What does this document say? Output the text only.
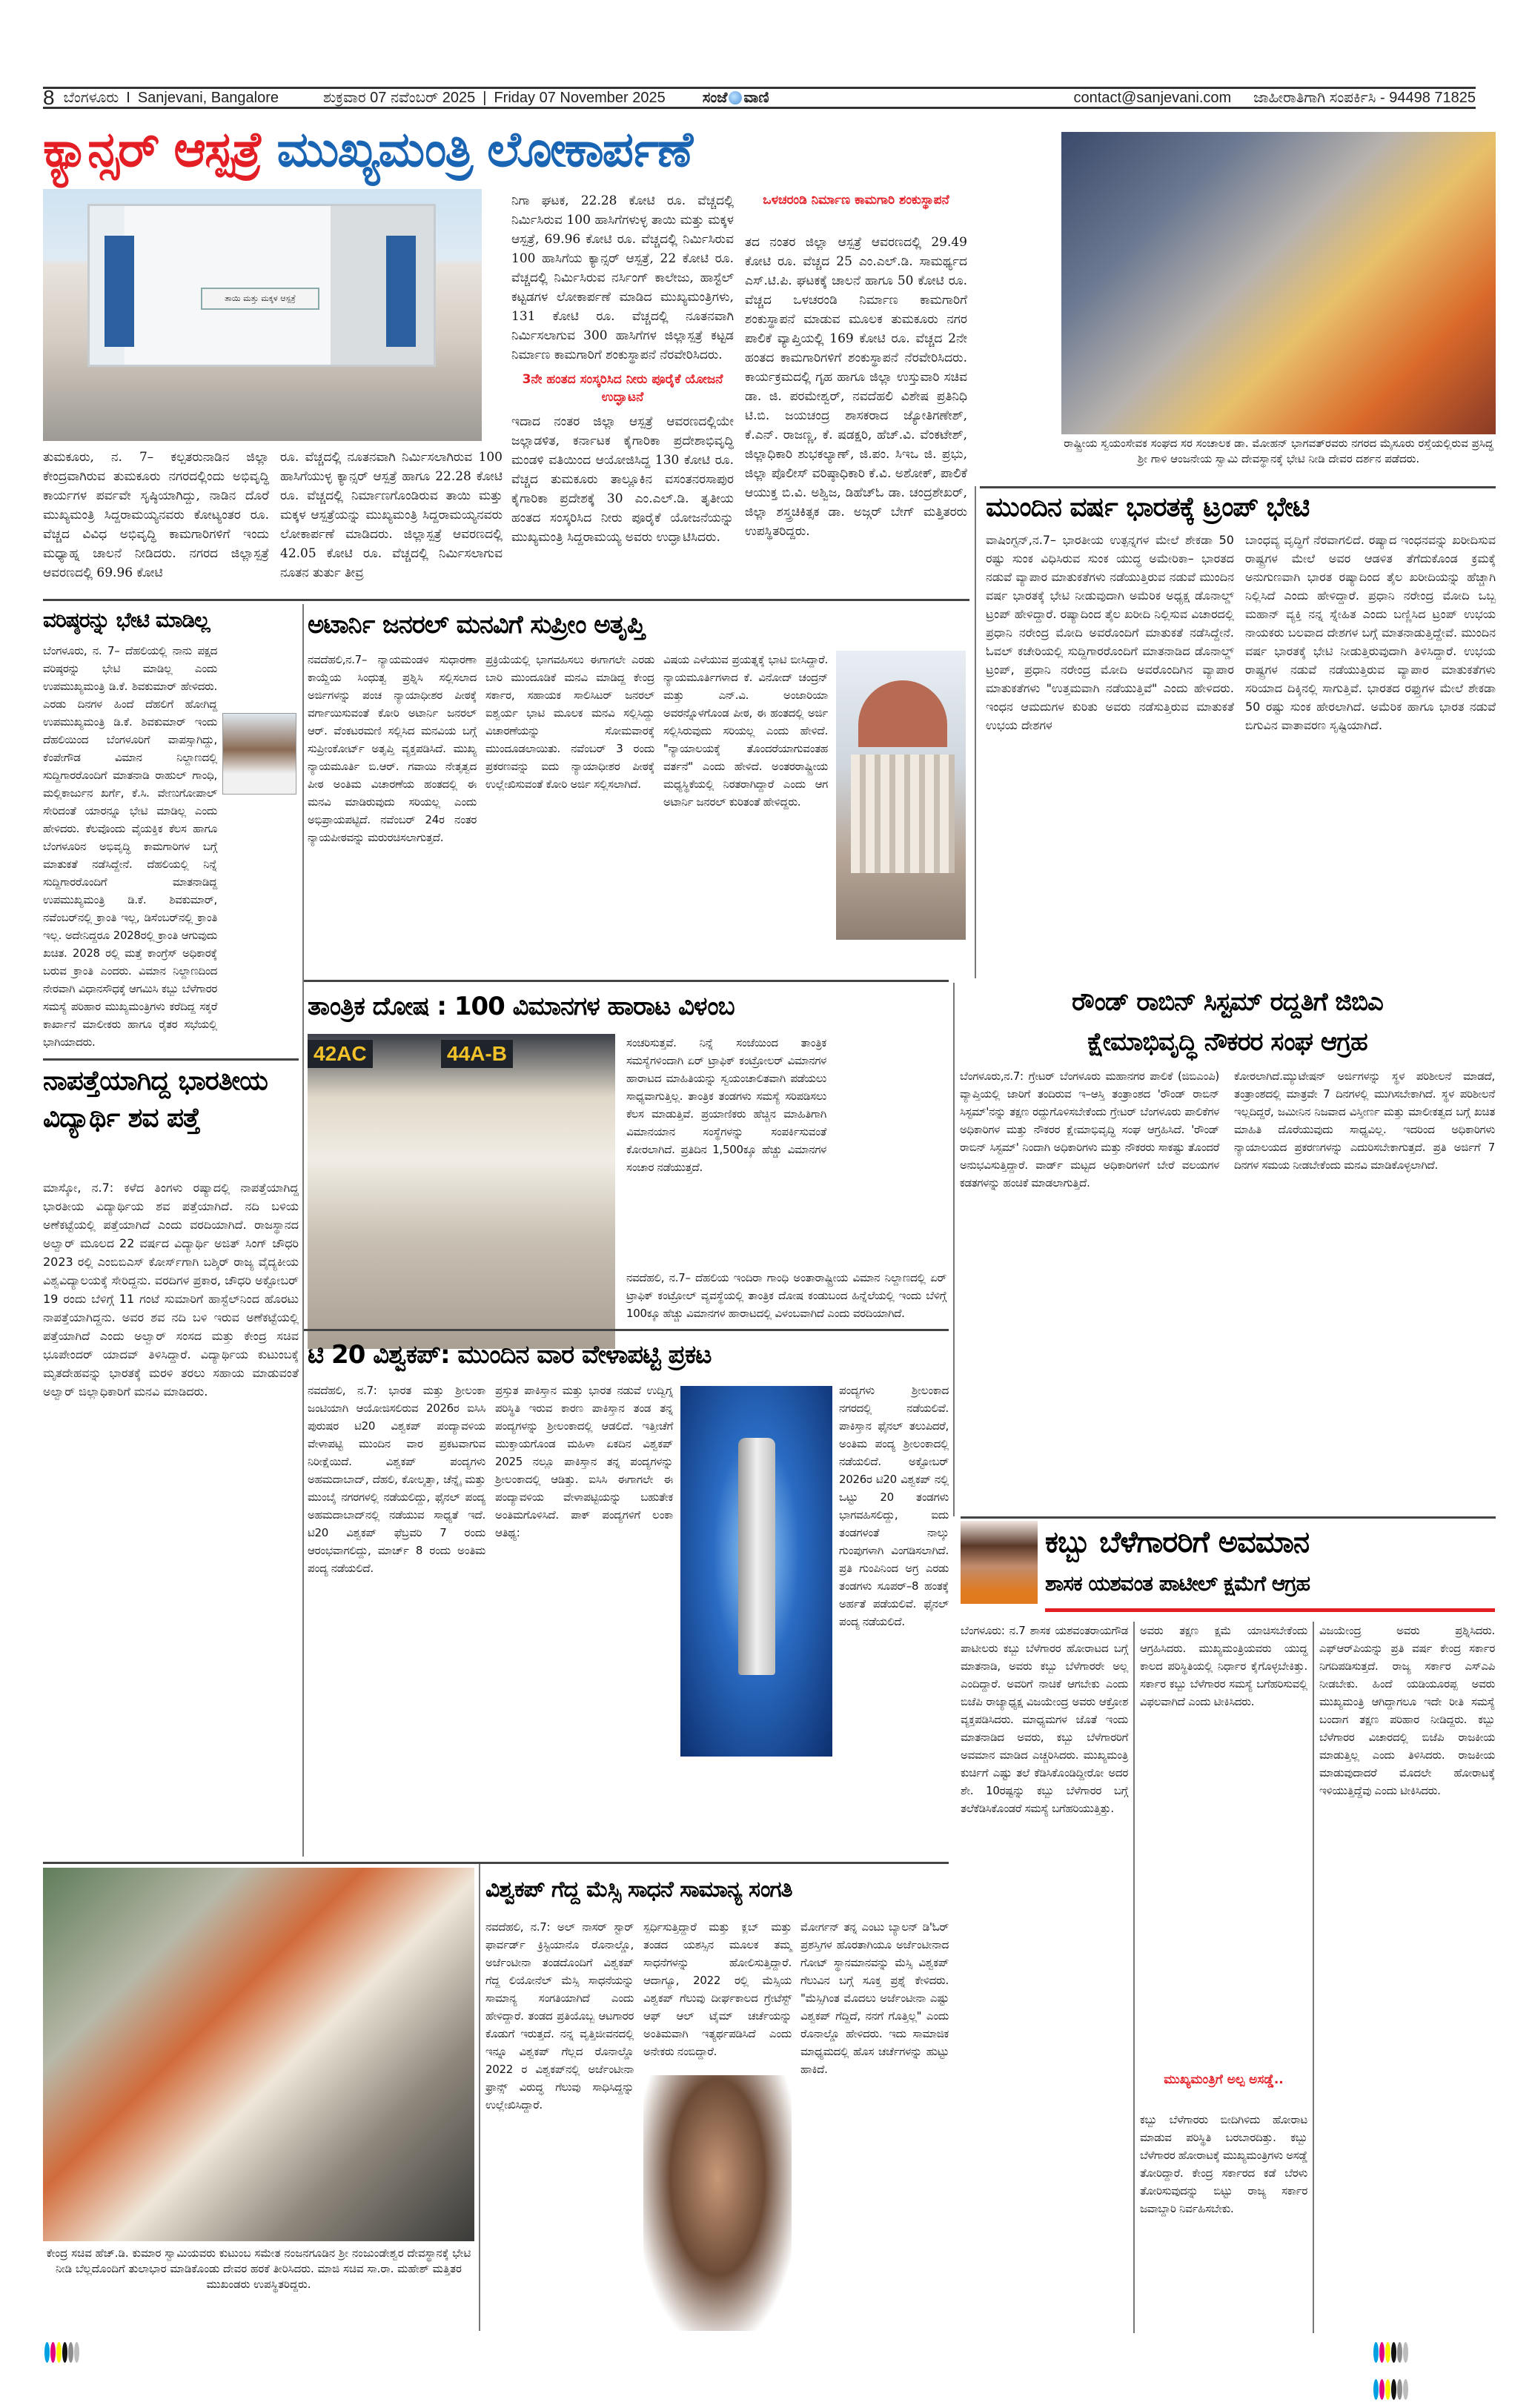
8 ಬೆಂಗಳೂರು I Sanjevani, Bangalore	ಶುಕ್ರವಾರ 07 ನವೆಂಬರ್ 2025 | Friday 07 November 2025	ಸಂಜೆ ವಾಣಿ	contact@sanjevani.com ಜಾಹೀರಾತಿಗಾಗಿ ಸಂಪರ್ಕಿಸಿ - 94498 71825
ಕ್ಯಾನ್ಸರ್ ಆಸ್ಪತ್ರೆ ಮುಖ್ಯಮಂತ್ರಿ ಲೋಕಾರ್ಪಣೆ
ತಾಯಿ ಮತ್ತು ಮಕ್ಕಳ ಆಸ್ಪತ್ರೆ
ತುಮಕೂರು, ನ. 7– ಕಲ್ಪತರುನಾಡಿನ ಜಿಲ್ಲಾ ಕೇಂದ್ರವಾಗಿರುವ ತುಮಕೂರು ನಗರದಲ್ಲಿಂದು ಅಭಿವೃದ್ಧಿ ಕಾರ್ಯಗಳ ಪರ್ವವೇ ಸೃಷ್ಠಿಯಾಗಿದ್ದು, ನಾಡಿನ ದೊರೆ ಮುಖ್ಯಮಂತ್ರಿ ಸಿದ್ದರಾಮಯ್ಯನವರು ಕೋಟ್ಯಂತರ ರೂ. ವೆಚ್ಚದ ವಿವಿಧ ಅಭಿವೃದ್ಧಿ ಕಾಮಗಾರಿಗಳಿಗೆ ಇಂದು ಮಧ್ಯಾಹ್ನ ಚಾಲನೆ ನೀಡಿದರು. ನಗರದ ಜಿಲ್ಲಾಸ್ಪತ್ರೆ ಆವರಣದಲ್ಲಿ 69.96 ಕೋಟಿ
ರೂ. ವೆಚ್ಚದಲ್ಲಿ ನೂತನವಾಗಿ ನಿರ್ಮಿಸಲಾಗಿರುವ 100 ಹಾಸಿಗೆಯುಳ್ಳ ಕ್ಯಾನ್ಸರ್ ಆಸ್ಪತ್ರೆ ಹಾಗೂ 22.28 ಕೋಟಿ ರೂ. ವೆಚ್ಚದಲ್ಲಿ ನಿರ್ಮಾಣಗೊಂಡಿರುವ ತಾಯಿ ಮತ್ತು ಮಕ್ಕಳ ಆಸ್ಪತ್ರೆಯನ್ನು ಮುಖ್ಯಮಂತ್ರಿ ಸಿದ್ದರಾಮಯ್ಯನವರು ಲೋಕಾರ್ಪಣೆ ಮಾಡಿದರು. ಜಿಲ್ಲಾಸ್ಪತ್ರೆ ಆವರಣದಲ್ಲಿ 42.05 ಕೋಟಿ ರೂ. ವೆಚ್ಚದಲ್ಲಿ ನಿರ್ಮಿಸಲಾಗುವ ನೂತನ ತುರ್ತು ತೀವ್ರ
ನಿಗಾ ಘಟಕ, 22.28 ಕೋಟಿ ರೂ. ವೆಚ್ಚದಲ್ಲಿ ನಿರ್ಮಿಸಿರುವ 100 ಹಾಸಿಗೆಗಳುಳ್ಳ ತಾಯಿ ಮತ್ತು ಮಕ್ಕಳ ಆಸ್ಪತ್ರೆ, 69.96 ಕೋಟಿ ರೂ. ವೆಚ್ಚದಲ್ಲಿ ನಿರ್ಮಿಸಿರುವ 100 ಹಾಸಿಗೆಯ ಕ್ಯಾನ್ಸರ್ ಆಸ್ಪತ್ರೆ, 22 ಕೋಟಿ ರೂ. ವೆಚ್ಚದಲ್ಲಿ ನಿರ್ಮಿಸಿರುವ ನರ್ಸಿಂಗ್ ಕಾಲೇಜು, ಹಾಸ್ಟೆಲ್ ಕಟ್ಟಡಗಳ ಲೋಕಾರ್ಪಣೆ ಮಾಡಿದ ಮುಖ್ಯಮಂತ್ರಿಗಳು, 131 ಕೋಟಿ ರೂ. ವೆಚ್ಚದಲ್ಲಿ ನೂತನವಾಗಿ ನಿರ್ಮಿಸಲಾಗುವ 300 ಹಾಸಿಗೆಗಳ ಜಿಲ್ಲಾಸ್ಪತ್ರೆ ಕಟ್ಟಡ ನಿರ್ಮಾಣ ಕಾಮಗಾರಿಗೆ ಶಂಕುಸ್ಥಾಪನೆ ನೆರವೇರಿಸಿದರು.
3ನೇ ಹಂತದ ಸಂಸ್ಕರಿಸಿದ ನೀರು ಪೂರೈಕೆ ಯೋಜನೆ ಉದ್ಘಾಟನೆ
ಇದಾದ ನಂತರ ಜಿಲ್ಲಾ ಆಸ್ಪತ್ರೆ ಆವರಣದಲ್ಲಿಯೇ ಜಲ್ಲಾಡಳಿತ, ಕರ್ನಾಟಕ ಕೈಗಾರಿಕಾ ಪ್ರದೇಶಾಭಿವೃದ್ಧಿ ಮಂಡಳಿ ವತಿಯಿಂದ ಆಯೋಜಿಸಿದ್ದ 130 ಕೋಟಿ ರೂ. ವೆಚ್ಚದ ತುಮಕೂರು ತಾಲ್ಲೂಕಿನ ವಸಂತನರಸಾಪುರ ಕೈಗಾರಿಕಾ ಪ್ರದೇಶಕ್ಕೆ 30 ಎಂ.ಎಲ್.ಡಿ. ತೃತೀಯ ಹಂತದ ಸಂಸ್ಕರಿಸಿದ ನೀರು ಪೂರೈಕೆ ಯೋಜನೆಯನ್ನು ಮುಖ್ಯಮಂತ್ರಿ ಸಿದ್ದರಾಮಯ್ಯ ಅವರು ಉದ್ಘಾಟಿಸಿದರು.
ಒಳಚರಂಡಿ ನಿರ್ಮಾಣ ಕಾಮಗಾರಿ ಶಂಕುಸ್ಥಾಪನೆ
ತದ ನಂತರ ಜಿಲ್ಲಾ ಆಸ್ಪತ್ರೆ ಆವರಣದಲ್ಲಿ 29.49 ಕೋಟಿ ರೂ. ವೆಚ್ಚದ 25 ಎಂ.ಎಲ್.ಡಿ. ಸಾಮರ್ಥ್ಯದ ಎಸ್.ಟಿ.ಪಿ. ಘಟಕಕ್ಕೆ ಚಾಲನೆ ಹಾಗೂ 50 ಕೋಟಿ ರೂ. ವೆಚ್ಚದ ಒಳಚರಂಡಿ ನಿರ್ಮಾಣ ಕಾಮಗಾರಿಗೆ ಶಂಕುಸ್ಥಾಪನೆ ಮಾಡುವ ಮೂಲಕ ತುಮಕೂರು ನಗರ ಪಾಲಿಕೆ ವ್ಯಾಪ್ತಿಯಲ್ಲಿ 169 ಕೋಟಿ ರೂ. ವೆಚ್ಚದ 2ನೇ ಹಂತದ ಕಾಮಗಾರಿಗಳಿಗೆ ಶಂಕುಸ್ಥಾಪನೆ ನೆರವೇರಿಸಿದರು. ಕಾರ್ಯಕ್ರಮದಲ್ಲಿ ಗೃಹ ಹಾಗೂ ಜಿಲ್ಲಾ ಉಸ್ತುವಾರಿ ಸಚಿವ ಡಾ. ಜಿ. ಪರಮೇಶ್ವರ್, ನವದೆಹಲಿ ವಿಶೇಷ ಪ್ರತಿನಿಧಿ ಟಿ.ಬಿ. ಜಯಚಂದ್ರ ಶಾಸಕರಾದ ಜ್ಯೋತಿಗಣೇಶ್, ಕೆ.ಎನ್. ರಾಜಣ್ಣ, ಕೆ. ಷಡಕ್ಷರಿ, ಹೆಚ್.ವಿ. ವೆಂಕಟೇಶ್, ಜಿಲ್ಲಾಧಿಕಾರಿ ಶುಭಕಲ್ಯಾಣ್, ಜಿ.ಪಂ. ಸಿಇಒ ಜಿ. ಪ್ರಭು, ಜಿಲ್ಲಾ ಪೊಲೀಸ್ ವರಿಷ್ಠಾಧಿಕಾರಿ ಕೆ.ವಿ. ಅಶೋಕ್, ಪಾಲಿಕೆ ಆಯುಕ್ತ ಬಿ.ವಿ. ಅಶ್ವಿಜ, ಡಿಹೆಚ್‌ಓ ಡಾ. ಚಂದ್ರಶೇಖರ್, ಜಿಲ್ಲಾ ಶಸ್ತ್ರಚಿಕಿತ್ಸಕ ಡಾ. ಅಜ್ಗರ್ ಬೇಗ್ ಮತ್ತಿತರರು ಉಪಸ್ಥಿತರಿದ್ದರು.
ರಾಷ್ಟ್ರೀಯ ಸ್ವಯಂಸೇವಕ ಸಂಘದ ಸರ ಸಂಚಾಲಕ ಡಾ. ಮೋಹನ್ ಭಾಗವತ್‌ರವರು ನಗರದ ಮೈಸೂರು ರಸ್ತೆಯಲ್ಲಿರುವ ಪ್ರಸಿದ್ಧ ಶ್ರೀ ಗಾಳಿ ಆಂಜನೇಯ ಸ್ವಾಮಿ ದೇವಸ್ಥಾನಕ್ಕೆ ಭೇಟಿ ನೀಡಿ ದೇವರ ದರ್ಶನ ಪಡೆದರು.
ಮುಂದಿನ ವರ್ಷ ಭಾರತಕ್ಕೆ ಟ್ರಂಪ್ ಭೇಟಿ
ವಾಷಿಂಗ್ಟನ್,ನ.7– ಭಾರತೀಯ ಉತ್ಪನ್ನಗಳ ಮೇಲೆ ಶೇಕಡಾ 50 ರಷ್ಟು ಸುಂಕ ವಿಧಿಸಿರುವ ಸುಂಕ ಯುದ್ಧ ಅಮೇರಿಕಾ– ಭಾರತದ ನಡುವೆ ವ್ಯಾಪಾರ ಮಾತುಕತೆಗಳು ನಡೆಯುತ್ತಿರುವ ನಡುವೆ ಮುಂದಿನ ವರ್ಷ ಭಾರತಕ್ಕೆ ಭೇಟಿ ನೀಡುವುದಾಗಿ ಅಮೆರಿಕ ಅಧ್ಯಕ್ಷ ಡೊನಾಲ್ಡ್ ಟ್ರಂಪ್ ಹೇಳಿದ್ದಾರೆ. ರಷ್ಯಾದಿಂದ ತೈಲ ಖರೀದಿ ನಿಲ್ಲಿಸುವ ವಿಚಾರದಲ್ಲಿ ಪ್ರಧಾನಿ ನರೇಂದ್ರ ಮೋದಿ ಅವರೊಂದಿಗೆ ಮಾತುಕತೆ ನಡೆಸಿದ್ದೇನೆ. ಓವಲ್ ಕಚೇರಿಯಲ್ಲಿ ಸುದ್ದಿಗಾರರೊಂದಿಗೆ ಮಾತನಾಡಿದ ಡೊನಾಲ್ಡ್ ಟ್ರಂಪ್, ಪ್ರಧಾನಿ ನರೇಂದ್ರ ಮೋದಿ ಅವರೊಂದಿಗಿನ ವ್ಯಾಪಾರ ಮಾತುಕತೆಗಳು "ಉತ್ತಮವಾಗಿ ನಡೆಯುತ್ತಿವೆ" ಎಂದು ಹೇಳಿದರು. ಇಂಧನ ಆಮದುಗಳ ಕುರಿತು ಅವರು ನಡೆಸುತ್ತಿರುವ ಮಾತುಕತೆ ಉಭಯ ದೇಶಗಳ
ಬಾಂಧವ್ಯ ವೃದ್ಧಿಗೆ ನೆರವಾಗಲಿದೆ. ರಷ್ಯಾದ ಇಂಧನವನ್ನು ಖರೀದಿಸುವ ರಾಷ್ಟ್ರಗಳ ಮೇಲೆ ಅವರ ಆಡಳಿತ ತೆಗೆದುಕೊಂಡ ಕ್ರಮಕ್ಕೆ ಅನುಗುಣವಾಗಿ ಭಾರತ ರಷ್ಯಾದಿಂದ ತೈಲ ಖರೀದಿಯನ್ನು ಹೆಚ್ಚಾಗಿ ನಿಲ್ಲಿಸಿದೆ ಎಂದು ಹೇಳಿದ್ದಾರೆ. ಪ್ರಧಾನಿ ನರೇಂದ್ರ ಮೋದಿ ಒಬ್ಬ ಮಹಾನ್ ವ್ಯಕ್ತಿ ನನ್ನ ಸ್ನೇಹಿತ ಎಂದು ಬಣ್ಣಿಸಿದ ಟ್ರಂಪ್ ಉಭಯ ನಾಯಕರು ಬಲವಾದ ದೇಶಗಳ ಬಗ್ಗೆ ಮಾತನಾಡುತ್ತಿದ್ದೇವೆ. ಮುಂದಿನ ವರ್ಷ ಭಾರತಕ್ಕೆ ಭೇಟಿ ನೀಡುತ್ತಿರುವುದಾಗಿ ತಿಳಿಸಿದ್ದಾರೆ. ಉಭಯ ರಾಷ್ಟ್ರಗಳ ನಡುವೆ ನಡೆಯುತ್ತಿರುವ ವ್ಯಾಪಾರ ಮಾತುಕತೆಗಳು ಸರಿಯಾದ ದಿಕ್ಕಿನಲ್ಲಿ ಸಾಗುತ್ತಿವೆ. ಭಾರತದ ರಫ್ತುಗಳ ಮೇಲೆ ಶೇಕಡಾ 50 ರಷ್ಟು ಸುಂಕ ಹೇರಲಾಗಿದೆ. ಅಮೆರಿಕ ಹಾಗೂ ಭಾರತ ನಡುವೆ ಬಿಗುವಿನ ವಾತಾವರಣ ಸೃಷ್ಟಿಯಾಗಿದೆ.
ವರಿಷ್ಠರನ್ನು ಭೇಟಿ ಮಾಡಿಲ್ಲ
ಬೆಂಗಳೂರು, ನ. 7– ದೆಹಲಿಯಲ್ಲಿ ನಾನು ಪಕ್ಷದ ವರಿಷ್ಠರನ್ನು ಭೇಟಿ ಮಾಡಿಲ್ಲ ಎಂದು ಉಪಮುಖ್ಯಮಂತ್ರಿ ಡಿ.ಕೆ. ಶಿವಕುಮಾರ್ ಹೇಳಿದರು. ಎರಡು ದಿನಗಳ ಹಿಂದೆ ದೆಹಲಿಗೆ ಹೋಗಿದ್ದ ಉಪಮುಖ್ಯಮಂತ್ರಿ ಡಿ.ಕೆ. ಶಿವಕುಮಾರ್ ಇಂದು ದೆಹಲಿಯಿಂದ ಬೆಂಗಳೂರಿಗೆ ವಾಪಸ್ಸಾಗಿದ್ದು, ಕೆಂಪೇಗೌಡ ವಿಮಾನ ನಿಲ್ದಾಣದಲ್ಲಿ ಸುದ್ದಿಗಾರರೊಂದಿಗೆ ಮಾತನಾಡಿ ರಾಹುಲ್ ಗಾಂಧಿ, ಮಲ್ಲಿಕಾರ್ಜುನ ಖರ್ಗೆ, ಕೆ.ಸಿ. ವೇಣುಗೋಪಾಲ್ ಸೇರಿದಂತೆ ಯಾರನ್ನೂ ಭೇಟಿ ಮಾಡಿಲ್ಲ ಎಂದು ಹೇಳಿದರು. ಕೆಲವೊಂದು ವೈಯಕ್ತಿಕ ಕೆಲಸ ಹಾಗೂ ಬೆಂಗಳೂರಿನ ಅಭಿವೃದ್ಧಿ ಕಾಮಗಾರಿಗಳ ಬಗ್ಗೆ ಮಾತುಕತೆ ನಡೆಸಿದ್ದೇನೆ. ದೆಹಲಿಯಲ್ಲಿ ನಿನ್ನೆ ಸುದ್ದಿಗಾರರೊಂದಿಗೆ ಮಾತನಾಡಿದ್ದ ಉಪಮುಖ್ಯಮಂತ್ರಿ ಡಿ.ಕೆ. ಶಿವಕುಮಾರ್, ನವೆಂಬರ್‌ನಲ್ಲಿ ಕ್ರಾಂತಿ ಇಲ್ಲ, ಡಿಸೆಂಬರ್‌ನಲ್ಲಿ ಕ್ರಾಂತಿ ಇಲ್ಲ. ಅದೇನಿದ್ದರೂ 2028ರಲ್ಲಿ ಕ್ರಾಂತಿ ಆಗುವುದು ಖಚಿತ. 2028 ರಲ್ಲಿ ಮತ್ತೆ ಕಾಂಗ್ರೆಸ್ ಅಧಿಕಾರಕ್ಕೆ ಬರುವ ಕ್ರಾಂತಿ ಎಂದರು. ವಿಮಾನ ನಿಲ್ದಾಣದಿಂದ ನೇರವಾಗಿ ವಿಧಾನಸೌಧಕ್ಕೆ ಆಗಮಿಸಿ ಕಬ್ಬು ಬೆಳೆಗಾರರ ಸಮಸ್ಯೆ ಪರಿಹಾರ ಮುಖ್ಯಮಂತ್ರಿಗಳು ಕರೆದಿದ್ದ ಸಕ್ಕರೆ ಕಾರ್ಖಾನೆ ಮಾಲೀಕರು ಹಾಗೂ ರೈತರ ಸಭೆಯಲ್ಲಿ ಭಾಗಿಯಾದರು.
ನಾಪತ್ತೆಯಾಗಿದ್ದ ಭಾರತೀಯ ವಿದ್ಯಾರ್ಥಿ ಶವ ಪತ್ತೆ
ಮಾಸ್ಕೋ, ನ.7: ಕಳೆದ ತಿಂಗಳು ರಷ್ಯಾದಲ್ಲಿ ನಾಪತ್ತೆಯಾಗಿದ್ದ ಭಾರತೀಯ ವಿದ್ಯಾರ್ಥಿಯ ಶವ ಪತ್ತೆಯಾಗಿದೆ. ನದಿ ಬಳಿಯ ಅಣೆಕಟ್ಟೆಯಲ್ಲಿ ಪತ್ತೆಯಾಗಿದೆ ಎಂದು ವರದಿಯಾಗಿದೆ. ರಾಜಸ್ಥಾನದ ಅಲ್ವಾರ್ ಮೂಲದ 22 ವರ್ಷದ ವಿದ್ಯಾರ್ಥಿ ಅಜಿತ್ ಸಿಂಗ್ ಚೌಧರಿ 2023 ರಲ್ಲಿ ಎಂಬಿಬಿಎಸ್ ಕೋರ್ಸ್‌ಗಾಗಿ ಬಶ್ಕಿರ್ ರಾಜ್ಯ ವೈದ್ಯಕೀಯ ವಿಶ್ವವಿದ್ಯಾಲಯಕ್ಕೆ ಸೇರಿದ್ದನು. ವರದಿಗಳ ಪ್ರಕಾರ, ಚೌಧರಿ ಅಕ್ಟೋಬರ್ 19 ರಂದು ಬೆಳಿಗ್ಗೆ 11 ಗಂಟೆ ಸುಮಾರಿಗೆ ಹಾಸ್ಟೆಲ್‌ನಿಂದ ಹೊರಟು ನಾಪತ್ತೆಯಾಗಿದ್ದನು. ಅವರ ಶವ ನದಿ ಬಳಿ ಇರುವ ಅಣೆಕಟ್ಟೆಯಲ್ಲಿ ಪತ್ತೆಯಾಗಿದೆ ಎಂದು ಅಲ್ವಾರ್ ಸಂಸದ ಮತ್ತು ಕೇಂದ್ರ ಸಚಿವ ಭೂಪೇಂದರ್ ಯಾದವ್ ತಿಳಿಸಿದ್ದಾರೆ. ವಿದ್ಯಾರ್ಥಿಯ ಕುಟುಂಬಕ್ಕೆ ಮೃತದೇಹವನ್ನು ಭಾರತಕ್ಕೆ ಮರಳಿ ತರಲು ಸಹಾಯ ಮಾಡುವಂತೆ ಅಲ್ವಾರ್ ಜಿಲ್ಲಾಧಿಕಾರಿಗೆ ಮನವಿ ಮಾಡಿದರು.
ಅಟಾರ್ನಿ ಜನರಲ್ ಮನವಿಗೆ ಸುಪ್ರೀಂ ಅತೃಪ್ತಿ
ನವದೆಹಲಿ,ನ.7– ನ್ಯಾಯಮಂಡಳಿ ಸುಧಾರಣಾ ಕಾಯ್ದೆಯ ಸಿಂಧುತ್ವ ಪ್ರಶ್ನಿಸಿ ಸಲ್ಲಿಸಲಾದ ಅರ್ಜಿಗಳನ್ನು ಪಂಚ ನ್ಯಾಯಾಧೀಶರ ಪೀಠಕ್ಕೆ ವರ್ಗಾಯಿಸುವಂತೆ ಕೋರಿ ಅಟಾರ್ನಿ ಜನರಲ್ ಆರ್. ವೆಂಕಟರಮಣಿ ಸಲ್ಲಿಸಿದ ಮನವಿಯ ಬಗ್ಗೆ ಸುಪ್ರೀಂಕೋರ್ಟ್ ಅತೃಪ್ತಿ ವ್ಯಕ್ತಪಡಿಸಿದೆ. ಮುಖ್ಯ ನ್ಯಾಯಮೂರ್ತಿ ಬಿ.ಆರ್. ಗವಾಯಿ ನೇತೃತ್ವದ ಪೀಠ ಅಂತಿಮ ವಿಚಾರಣೆಯ ಹಂತದಲ್ಲಿ ಈ ಮನವಿ ಮಾಡಿರುವುದು ಸರಿಯಲ್ಲ ಎಂದು ಅಭಿಪ್ರಾಯಪಟ್ಟಿದೆ. ನವೆಂಬರ್ 24ರ ನಂತರ ನ್ಯಾಯಪೀಠವನ್ನು ಮರುರಚಿಸಲಾಗುತ್ತದೆ.
ಪ್ರಕ್ರಿಯೆಯಲ್ಲಿ ಭಾಗವಹಿಸಲು ಈಗಾಗಲೇ ಎರಡು ಬಾರಿ ಮುಂದೂಡಿಕೆ ಮನವಿ ಮಾಡಿದ್ದ ಕೇಂದ್ರ ಸರ್ಕಾರ, ಸಹಾಯಕ ಸಾಲಿಸಿಟರ್ ಜನರಲ್ ಐಶ್ವರ್ಯ ಭಾಟಿ ಮೂಲಕ ಮನವಿ ಸಲ್ಲಿಸಿದ್ದು ವಿಚಾರಣೆಯನ್ನು ಸೋಮವಾರಕ್ಕೆ ಮುಂದೂಡಲಾಯಿತು. ನವೆಂಬರ್ 3 ರಂದು ಪ್ರಕರಣವನ್ನು ಐದು ನ್ಯಾಯಾಧೀಶರ ಪೀಠಕ್ಕೆ ಉಲ್ಲೇಖಿಸುವಂತೆ ಕೋರಿ ಅರ್ಜಿ ಸಲ್ಲಿಸಲಾಗಿದೆ.
ವಿಷಯ ಎಳೆಯುವ ಪ್ರಯತ್ನಕ್ಕೆ ಭಾಟಿ ಬೀಸಿದ್ದಾರೆ. ನ್ಯಾಯಮೂರ್ತಿಗಳಾದ ಕೆ. ವಿನೋದ್ ಚಂದ್ರನ್ ಮತ್ತು ಎನ್.ವಿ. ಅಂಜಾರಿಯಾ ಅವರನ್ನೊಳಗೊಂಡ ಪೀಠ, ಈ ಹಂತದಲ್ಲಿ ಅರ್ಜಿ ಸಲ್ಲಿಸಿರುವುದು ಸರಿಯಲ್ಲ ಎಂದು ಹೇಳಿದೆ. "ನ್ಯಾಯಾಲಯಕ್ಕೆ ತೊಂದರೆಯಾಗುವಂತಹ ವರ್ತನೆ" ಎಂದು ಹೇಳಿದೆ. ಅಂತರರಾಷ್ಟ್ರೀಯ ಮಧ್ಯಸ್ಥಿಕೆಯಲ್ಲಿ ನಿರತರಾಗಿದ್ದಾರೆ ಎಂದು ಆಗ ಅಟಾರ್ನಿ ಜನರಲ್ ಕುರಿತಂತೆ ಹೇಳಿದ್ದರು.
ತಾಂತ್ರಿಕ ದೋಷ : 100 ವಿಮಾನಗಳ ಹಾರಾಟ ವಿಳಂಬ
42AC	44A-B	ಸಂಚರಿಸುತ್ತವೆ. ನಿನ್ನೆ ಸಂಜೆಯಿಂದ ತಾಂತ್ರಿಕ ಸಮಸ್ಯೆಗಳಿಂದಾಗಿ ಏರ್ ಟ್ರಾಫಿಕ್ ಕಂಟ್ರೋಲರ್ ವಿಮಾನಗಳ ಹಾರಾಟದ ಮಾಹಿತಿಯನ್ನು ಸ್ವಯಂಚಾಲಿತವಾಗಿ ಪಡೆಯಲು ಸಾಧ್ಯವಾಗುತ್ತಿಲ್ಲ. ತಾಂತ್ರಿಕ ತಂಡಗಳು ಸಮಸ್ಯೆ ಸರಿಪಡಿಸಲು ಕೆಲಸ ಮಾಡುತ್ತಿವೆ. ಪ್ರಯಾಣಿಕರು ಹೆಚ್ಚಿನ ಮಾಹಿತಿಗಾಗಿ ವಿಮಾನಯಾನ ಸಂಸ್ಥೆಗಳನ್ನು ಸಂಪರ್ಕಿಸುವಂತೆ ಕೋರಲಾಗಿದೆ. ಪ್ರತಿದಿನ 1,500ಕ್ಕೂ ಹೆಚ್ಚು ವಿಮಾನಗಳ ಸಂಚಾರ ನಡೆಯುತ್ತದೆ.
ನವದೆಹಲಿ, ನ.7– ದೆಹಲಿಯ ಇಂದಿರಾ ಗಾಂಧಿ ಅಂತಾರಾಷ್ಟ್ರೀಯ ವಿಮಾನ ನಿಲ್ದಾಣದಲ್ಲಿ ಏರ್ ಟ್ರಾಫಿಕ್ ಕಂಟ್ರೋಲ್ ವ್ಯವಸ್ಥೆಯಲ್ಲಿ ತಾಂತ್ರಿಕ ದೋಷ ಕಂಡುಬಂದ ಹಿನ್ನೆಲೆಯಲ್ಲಿ ಇಂದು ಬೆಳಿಗ್ಗೆ 100ಕ್ಕೂ ಹೆಚ್ಚು ವಿಮಾನಗಳ ಹಾರಾಟದಲ್ಲಿ ವಿಳಂಬವಾಗಿದೆ ಎಂದು ವರದಿಯಾಗಿದೆ.
ರೌಂಡ್ ರಾಬಿನ್ ಸಿಸ್ಟಮ್ ರದ್ದತಿಗೆ ಜಿಬಿಎ
ಕ್ಷೇಮಾಭಿವೃದ್ಧಿ ನೌಕರರ ಸಂಘ ಆಗ್ರಹ
ಬೆಂಗಳೂರು,ನ.7: ಗ್ರೇಟರ್ ಬೆಂಗಳೂರು ಮಹಾನಗರ ಪಾಲಿಕೆ (ಜಿಬಿಎಂಪಿ) ವ್ಯಾಪ್ತಿಯಲ್ಲಿ ಜಾರಿಗೆ ತಂದಿರುವ ಇ–ಆಸ್ತಿ ತಂತ್ರಾಂಶದ 'ರೌಂಡ್ ರಾಬಿನ್ ಸಿಸ್ಟಮ್'ನನ್ನು ತಕ್ಷಣ ರದ್ದುಗೊಳಿಸಬೇಕೆಂದು ಗ್ರೇಟರ್ ಬೆಂಗಳೂರು ಪಾಲಿಕೆಗಳ ಅಧಿಕಾರಿಗಳ ಮತ್ತು ನೌಕರರ ಕ್ಷೇಮಾಭಿವೃದ್ಧಿ ಸಂಘ ಆಗ್ರಹಿಸಿದೆ. 'ರೌಂಡ್ ರಾಬಿನ್ ಸಿಸ್ಟಮ್' ನಿಂದಾಗಿ ಅಧಿಕಾರಿಗಳು ಮತ್ತು ನೌಕರರು ಸಾಕಷ್ಟು ತೊಂದರೆ ಅನುಭವಿಸುತ್ತಿದ್ದಾರೆ. ವಾರ್ಡ್ ಮಟ್ಟದ ಅಧಿಕಾರಿಗಳಿಗೆ ಬೇರೆ ವಲಯಗಳ ಕಡತಗಳನ್ನು ಹಂಚಿಕೆ ಮಾಡಲಾಗುತ್ತಿದೆ.
ಕೋರಲಾಗಿದೆ.ಮ್ಯುಟೇಷನ್ ಅರ್ಜಿಗಳನ್ನು ಸ್ಥಳ ಪರಿಶೀಲನೆ ಮಾಡದೆ, ತಂತ್ರಾಂಶದಲ್ಲಿ ಮಾತ್ರವೇ 7 ದಿನಗಳಲ್ಲಿ ಮುಗಿಸಬೇಕಾಗಿದೆ. ಸ್ಥಳ ಪರಿಶೀಲನೆ ಇಲ್ಲದಿದ್ದರೆ, ಜಮೀನಿನ ನಿಜವಾದ ವಿಸ್ತೀರ್ಣ ಮತ್ತು ಮಾಲೀಕತ್ವದ ಬಗ್ಗೆ ಖಚಿತ ಮಾಹಿತಿ ದೊರೆಯುವುದು ಸಾಧ್ಯವಿಲ್ಲ. ಇದರಿಂದ ಅಧಿಕಾರಿಗಳು ನ್ಯಾಯಾಲಯದ ಪ್ರಕರಣಗಳನ್ನು ಎದುರಿಸಬೇಕಾಗುತ್ತದೆ. ಪ್ರತಿ ಅರ್ಜಿಗೆ 7 ದಿನಗಳ ಸಮಯ ನೀಡಬೇಕೆಂದು ಮನವಿ ಮಾಡಿಕೊಳ್ಳಲಾಗಿದೆ.
ಟಿ 20 ವಿಶ್ವಕಪ್: ಮುಂದಿನ ವಾರ ವೇಳಾಪಟ್ಟಿ ಪ್ರಕಟ
ನವದೆಹಲಿ, ನ.7: ಭಾರತ ಮತ್ತು ಶ್ರೀಲಂಕಾ ಜಂಟಿಯಾಗಿ ಆಯೋಜಿಸಲಿರುವ 2026ರ ಐಸಿಸಿ ಪುರುಷರ ಟಿ20 ವಿಶ್ವಕಪ್ ಪಂದ್ಯಾವಳಿಯ ವೇಳಾಪಟ್ಟಿ ಮುಂದಿನ ವಾರ ಪ್ರಕಟವಾಗುವ ನಿರೀಕ್ಷೆಯಿದೆ. ವಿಶ್ವಕಪ್ ಪಂದ್ಯಗಳು ಅಹಮದಾಬಾದ್, ದೆಹಲಿ, ಕೋಲ್ಕತ್ತಾ, ಚೆನ್ನೈ ಮತ್ತು ಮುಂಬೈ ನಗರಗಳಲ್ಲಿ ನಡೆಯಲಿದ್ದು, ಫೈನಲ್ ಪಂದ್ಯ ಅಹಮದಾಬಾದ್‌ನಲ್ಲಿ ನಡೆಯುವ ಸಾಧ್ಯತೆ ಇದೆ. ಟಿ20 ವಿಶ್ವಕಪ್ ಫೆಬ್ರವರಿ 7 ರಂದು ಆರಂಭವಾಗಲಿದ್ದು, ಮಾರ್ಚ್ 8 ರಂದು ಅಂತಿಮ ಪಂದ್ಯ ನಡೆಯಲಿದೆ.
ಪ್ರಸ್ತುತ ಪಾಕಿಸ್ತಾನ ಮತ್ತು ಭಾರತ ನಡುವೆ ಉದ್ವಿಗ್ನ ಪರಿಸ್ಥಿತಿ ಇರುವ ಕಾರಣ ಪಾಕಿಸ್ತಾನ ತಂಡ ತನ್ನ ಪಂದ್ಯಗಳನ್ನು ಶ್ರೀಲಂಕಾದಲ್ಲಿ ಆಡಲಿದೆ. ಇತ್ತೀಚೆಗೆ ಮುಕ್ತಾಯಗೊಂಡ ಮಹಿಳಾ ಏಕದಿನ ವಿಶ್ವಕಪ್ 2025 ನಲ್ಲೂ ಪಾಕಿಸ್ತಾನ ತನ್ನ ಪಂದ್ಯಗಳನ್ನು ಶ್ರೀಲಂಕಾದಲ್ಲಿ ಆಡಿತ್ತು. ಐಸಿಸಿ ಈಗಾಗಲೇ ಈ ಪಂದ್ಯಾವಳಿಯ ವೇಳಾಪಟ್ಟಿಯನ್ನು ಬಹುತೇಕ ಅಂತಿಮಗೊಳಿಸಿದೆ. ಪಾಕ್ ಪಂದ್ಯಗಳಿಗೆ ಲಂಕಾ ಆತಿಥ್ಯ:
ಪಂದ್ಯಗಳು ಶ್ರೀಲಂಕಾದ ನಗರದಲ್ಲಿ ನಡೆಯಲಿವೆ. ಪಾಕಿಸ್ತಾನ ಫೈನಲ್ ತಲುಪಿದರೆ, ಅಂತಿಮ ಪಂದ್ಯ ಶ್ರೀಲಂಕಾದಲ್ಲಿ ನಡೆಯಲಿದೆ. ಅಕ್ಟೋಬರ್ 2026ರ ಟಿ20 ವಿಶ್ವಕಪ್ ನಲ್ಲಿ ಒಟ್ಟು 20 ತಂಡಗಳು ಭಾಗವಹಿಸಲಿದ್ದು, ಐದು ತಂಡಗಳಂತೆ ನಾಲ್ಕು ಗುಂಪುಗಳಾಗಿ ವಿಂಗಡಿಸಲಾಗಿದೆ. ಪ್ರತಿ ಗುಂಪಿನಿಂದ ಅಗ್ರ ಎರಡು ತಂಡಗಳು ಸೂಪರ್–8 ಹಂತಕ್ಕೆ ಅರ್ಹತೆ ಪಡೆಯಲಿವೆ. ಫೈನಲ್ ಪಂದ್ಯ ನಡೆಯಲಿದೆ.
ಕಬ್ಬು ಬೆಳೆಗಾರರಿಗೆ ಅವಮಾನ
ಶಾಸಕ ಯಶವಂತ ಪಾಟೀಲ್ ಕ್ಷಮೆಗೆ ಆಗ್ರಹ
ಬೆಂಗಳೂರು: ನ.7 ಶಾಸಕ ಯಶವಂತರಾಯಗೌಡ ಪಾಟೀಲರು ಕಬ್ಬು ಬೆಳೆಗಾರರ ಹೋರಾಟದ ಬಗ್ಗೆ ಮಾತನಾಡಿ, ಅವರು ಕಬ್ಬು ಬೆಳೆಗಾರರೇ ಅಲ್ಲ ಎಂದಿದ್ದಾರೆ. ಅವರಿಗೆ ನಾಚಿಕೆ ಆಗಬೇಕು ಎಂದು ಬಿಜೆಪಿ ರಾಜ್ಯಾಧ್ಯಕ್ಷ ವಿಜಯೇಂದ್ರ ಅವರು ಆಕ್ರೋಶ ವ್ಯಕ್ತಪಡಿಸಿದರು. ಮಾಧ್ಯಮಗಳ ಜೊತೆ ಇಂದು ಮಾತನಾಡಿದ ಅವರು, ಕಬ್ಬು ಬೆಳೆಗಾರರಿಗೆ ಅವಮಾನ ಮಾಡಿದ ಎಚ್ಚರಿಸಿದರು. ಮುಖ್ಯಮಂತ್ರಿ ಕುರ್ಚಿಗೆ ಎಷ್ಟು ತಲೆ ಕೆಡಿಸಿಕೊಂಡಿದ್ದೀರೋ ಅದರ ಶೇ. 10ರಷ್ಟನ್ನು ಕಬ್ಬು ಬೆಳೆಗಾರರ ಬಗ್ಗೆ ತಲೆಕೆಡಿಸಿಕೊಂಡರೆ ಸಮಸ್ಯೆ ಬಗೆಹರಿಯುತ್ತಿತ್ತು.
ಅವರು ತಕ್ಷಣ ಕ್ಷಮೆ ಯಾಚಿಸಬೇಕೆಂದು ಆಗ್ರಹಿಸಿದರು. ಮುಖ್ಯಮಂತ್ರಿಯವರು ಯುದ್ಧ ಕಾಲದ ಪರಿಸ್ಥಿತಿಯಲ್ಲಿ ನಿರ್ಧಾರ ಕೈಗೊಳ್ಳಬೇಕಿತ್ತು. ಸರ್ಕಾರ ಕಬ್ಬು ಬೆಳೆಗಾರರ ಸಮಸ್ಯೆ ಬಗೆಹರಿಸುವಲ್ಲಿ ವಿಫಲವಾಗಿದೆ ಎಂದು ಟೀಕಿಸಿದರು.
ಮುಖ್ಯಮಂತ್ರಿಗೆ ಅಲ್ಪ ಅಸಡ್ಡೆ..
ಕಬ್ಬು ಬೆಳೆಗಾರರು ಬೀದಿಗಿಳಿದು ಹೋರಾಟ ಮಾಡುವ ಪರಿಸ್ಥಿತಿ ಬರಬಾರದಿತ್ತು. ಕಬ್ಬು ಬೆಳೆಗಾರರ ಹೋರಾಟಕ್ಕೆ ಮುಖ್ಯಮಂತ್ರಿಗಳು ಅಸಡ್ಡೆ ತೋರಿದ್ದಾರೆ. ಕೇಂದ್ರ ಸರ್ಕಾರದ ಕಡೆ ಬೆರಳು ತೋರಿಸುವುದನ್ನು ಬಿಟ್ಟು ರಾಜ್ಯ ಸರ್ಕಾರ ಜವಾಬ್ದಾರಿ ನಿರ್ವಹಿಸಬೇಕು.
ವಿಜಯೇಂದ್ರ ಅವರು ಪ್ರಶ್ನಿಸಿದರು. ಎಫ್‌ಆರ್‌ಪಿಯನ್ನು ಪ್ರತಿ ವರ್ಷ ಕೇಂದ್ರ ಸರ್ಕಾರ ನಿಗದಿಪಡಿಸುತ್ತದೆ. ರಾಜ್ಯ ಸರ್ಕಾರ ಎಸ್‌ಎಪಿ ನೀಡಬೇಕು. ಹಿಂದೆ ಯಡಿಯೂರಪ್ಪ ಅವರು ಮುಖ್ಯಮಂತ್ರಿ ಆಗಿದ್ದಾಗಲೂ ಇದೇ ರೀತಿ ಸಮಸ್ಯೆ ಬಂದಾಗ ತಕ್ಷಣ ಪರಿಹಾರ ನೀಡಿದ್ದರು. ಕಬ್ಬು ಬೆಳೆಗಾರರ ವಿಚಾರದಲ್ಲಿ ಬಿಜೆಪಿ ರಾಜಕೀಯ ಮಾಡುತ್ತಿಲ್ಲ ಎಂದು ತಿಳಿಸಿದರು. ರಾಜಕೀಯ ಮಾಡುವುದಾದರೆ ಮೊದಲೇ ಹೋರಾಟಕ್ಕೆ ಇಳಿಯುತ್ತಿದ್ದೆವು ಎಂದು ಟೀಕಿಸಿದರು.
ಕೇಂದ್ರ ಸಚಿವ ಹೆಚ್.ಡಿ. ಕುಮಾರ ಸ್ವಾಮಿಯವರು ಕುಟುಂಬ ಸಮೇತ ನಂಜನಗೂಡಿನ ಶ್ರೀ ನಂಜುಂಡೇಶ್ವರ ದೇವಸ್ಥಾನಕ್ಕೆ ಭೇಟಿ ನೀಡಿ ಬೆಲ್ಲದೊಂದಿಗೆ ತುಲಾಭಾರ ಮಾಡಿಕೊಂಡು ದೇವರ ಹರಕೆ ತೀರಿಸಿದರು. ಮಾಜಿ ಸಚಿವ ಸಾ.ರಾ. ಮಹೇಶ್ ಮತ್ತಿತರ ಮುಖಂಡರು ಉಪಸ್ಥಿತರಿದ್ದರು.
ವಿಶ್ವಕಪ್ ಗೆದ್ದ ಮೆಸ್ಸಿ ಸಾಧನೆ ಸಾಮಾನ್ಯ ಸಂಗತಿ
ನವದೆಹಲಿ, ನ.7: ಅಲ್ ನಾಸರ್ ಸ್ಟಾರ್ ಫಾರ್ವರ್ಡ್ ಕ್ರಿಸ್ಟಿಯಾನೊ ರೊನಾಲ್ಡೊ, ಅರ್ಜೆಂಟೀನಾ ತಂಡದೊಂದಿಗೆ ವಿಶ್ವಕಪ್ ಗೆದ್ದ ಲಿಯೋನೆಲ್ ಮೆಸ್ಸಿ ಸಾಧನೆಯನ್ನು ಸಾಮಾನ್ಯ ಸಂಗತಿಯಾಗಿದೆ ಎಂದು ಹೇಳಿದ್ದಾರೆ. ತಂಡದ ಪ್ರತಿಯೊಬ್ಬ ಆಟಗಾರರ ಕೊಡುಗೆ ಇರುತ್ತದೆ. ನನ್ನ ವೃತ್ತಿಜೀವನದಲ್ಲಿ ಇನ್ನೂ ವಿಶ್ವಕಪ್ ಗೆಲ್ಲದ ರೊನಾಲ್ಡೊ 2022 ರ ವಿಶ್ವಕಪ್‌ನಲ್ಲಿ ಅರ್ಜೆಂಟೀನಾ ಫ್ರಾನ್ಸ್ ವಿರುದ್ಧ ಗೆಲುವು ಸಾಧಿಸಿದ್ದನ್ನು ಉಲ್ಲೇಖಿಸಿದ್ದಾರೆ.
ಸ್ಪರ್ಧಿಸುತ್ತಿದ್ದಾರೆ ಮತ್ತು ಕ್ಲಬ್ ಮತ್ತು ತಂಡದ ಯಶಸ್ಸಿನ ಮೂಲಕ ತಮ್ಮ ಸಾಧನೆಗಳನ್ನು ಹೋಲಿಸುತ್ತಿದ್ದಾರೆ. ಆದಾಗ್ಯೂ, 2022 ರಲ್ಲಿ ಮೆಸ್ಸಿಯ ವಿಶ್ವಕಪ್ ಗೆಲುವು ದೀರ್ಘಕಾಲದ ಗ್ರೇಟೆಸ್ಟ್ ಆಫ್ ಆಲ್ ಟೈಮ್ ಚರ್ಚೆಯನ್ನು ಅಂತಿಮವಾಗಿ ಇತ್ಯರ್ಥಪಡಿಸಿದೆ ಎಂದು ಅನೇಕರು ನಂಬಿದ್ದಾರೆ.
ಮೋರ್ಗನ್ ತನ್ನ ಎಂಟು ಬ್ಯಾಲನ್ ಡಿ'ಓರ್ ಪ್ರಶಸ್ತಿಗಳ ಹೊರತಾಗಿಯೂ ಅರ್ಜೆಂಟೀನಾದ ಗೋಟ್ ಸ್ಥಾನಮಾನವನ್ನು ಮೆಸ್ಸಿ ವಿಶ್ವಕಪ್ ಗೆಲುವಿನ ಬಗ್ಗೆ ಸೂಕ್ತ ಪ್ರಶ್ನೆ ಕೇಳಿದರು. "ಮೆಸ್ಸಿಗಿಂತ ಮೊದಲು ಅರ್ಜೆಂಟೀನಾ ಎಷ್ಟು ವಿಶ್ವಕಪ್ ಗೆದ್ದಿದೆ, ನನಗೆ ಗೊತ್ತಿಲ್ಲ" ಎಂದು ರೊನಾಲ್ಡೊ ಹೇಳಿದರು. ಇದು ಸಾಮಾಜಿಕ ಮಾಧ್ಯಮದಲ್ಲಿ ಹೊಸ ಚರ್ಚೆಗಳನ್ನು ಹುಟ್ಟು ಹಾಕಿದೆ.
